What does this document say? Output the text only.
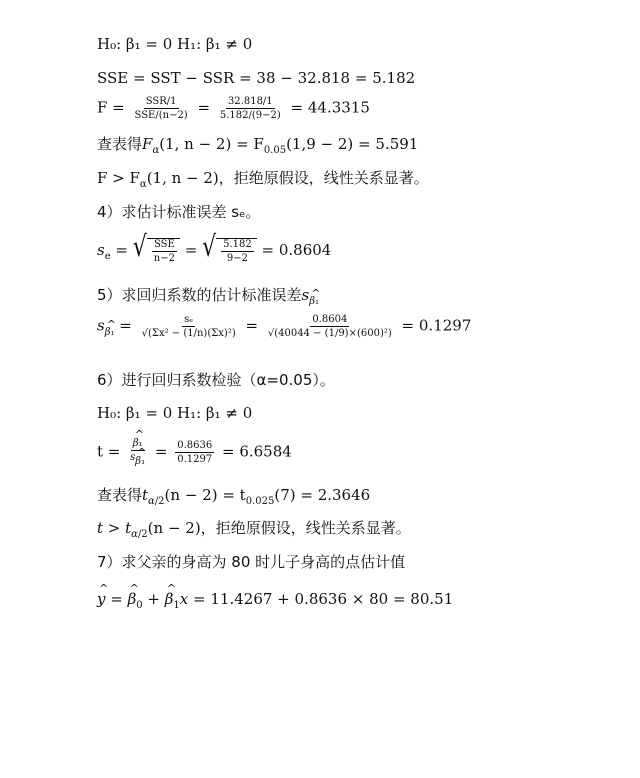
H₀: β₁ = 0 H₁: β₁ ≠ 0
SSE = SST − SSR = 38 − 32.818 = 5.182
$F = \frac{\text{SSR/1}}{\text{SSE/(n−2)}} = \frac{32.818/1}{5.182/(9-2)} = 44.3315$
查表得$F_\alpha(1$, $n - 2) = F_{0.05}(1,9 - 2) = 5.591$
$F > F_\alpha(1$, n − 2)，拒绝原假设，线性关系显著。
4）求估计标准误差 sₑ。
$s_e$ = √ $\frac{\text{SSE}}{n-2}$ = √ $\frac{5.182}{9-2} = 0.8604$
5）求回归系数的估计标准误差s^ $_{\beta_1}$
s^ $_{\beta_1} = \frac{\text{sₑ}}{\text{√(Σx² − (1/n)(Σx)²)}} = \frac{0.8604}{\text{√(40044 − (1/9)×(600)²)}} = 0.1297$
6）进行回归系数检验（α=0.05）。
H₀: β₁ = 0 H₁: β₁ ≠ 0
t =
^ $\frac{\text{β₁}}{\text{s\textasciicircum{} β₁}} = \frac{0.8636}{0.1297} = 6.6584$
查表得$t_{\alpha/2}(n - 2) = t_{0.025}(7) = 2.3646$
$t > t_{\alpha/2}(n - 2)$，拒绝原假设，线性关系显著。
7）求父亲的身高为 80 时儿子身高的点估计值
^ y = ^ $\beta_0$ + ^ $\beta_1x = 11.4267 + 0.8636 \times 80 = 80.51$
